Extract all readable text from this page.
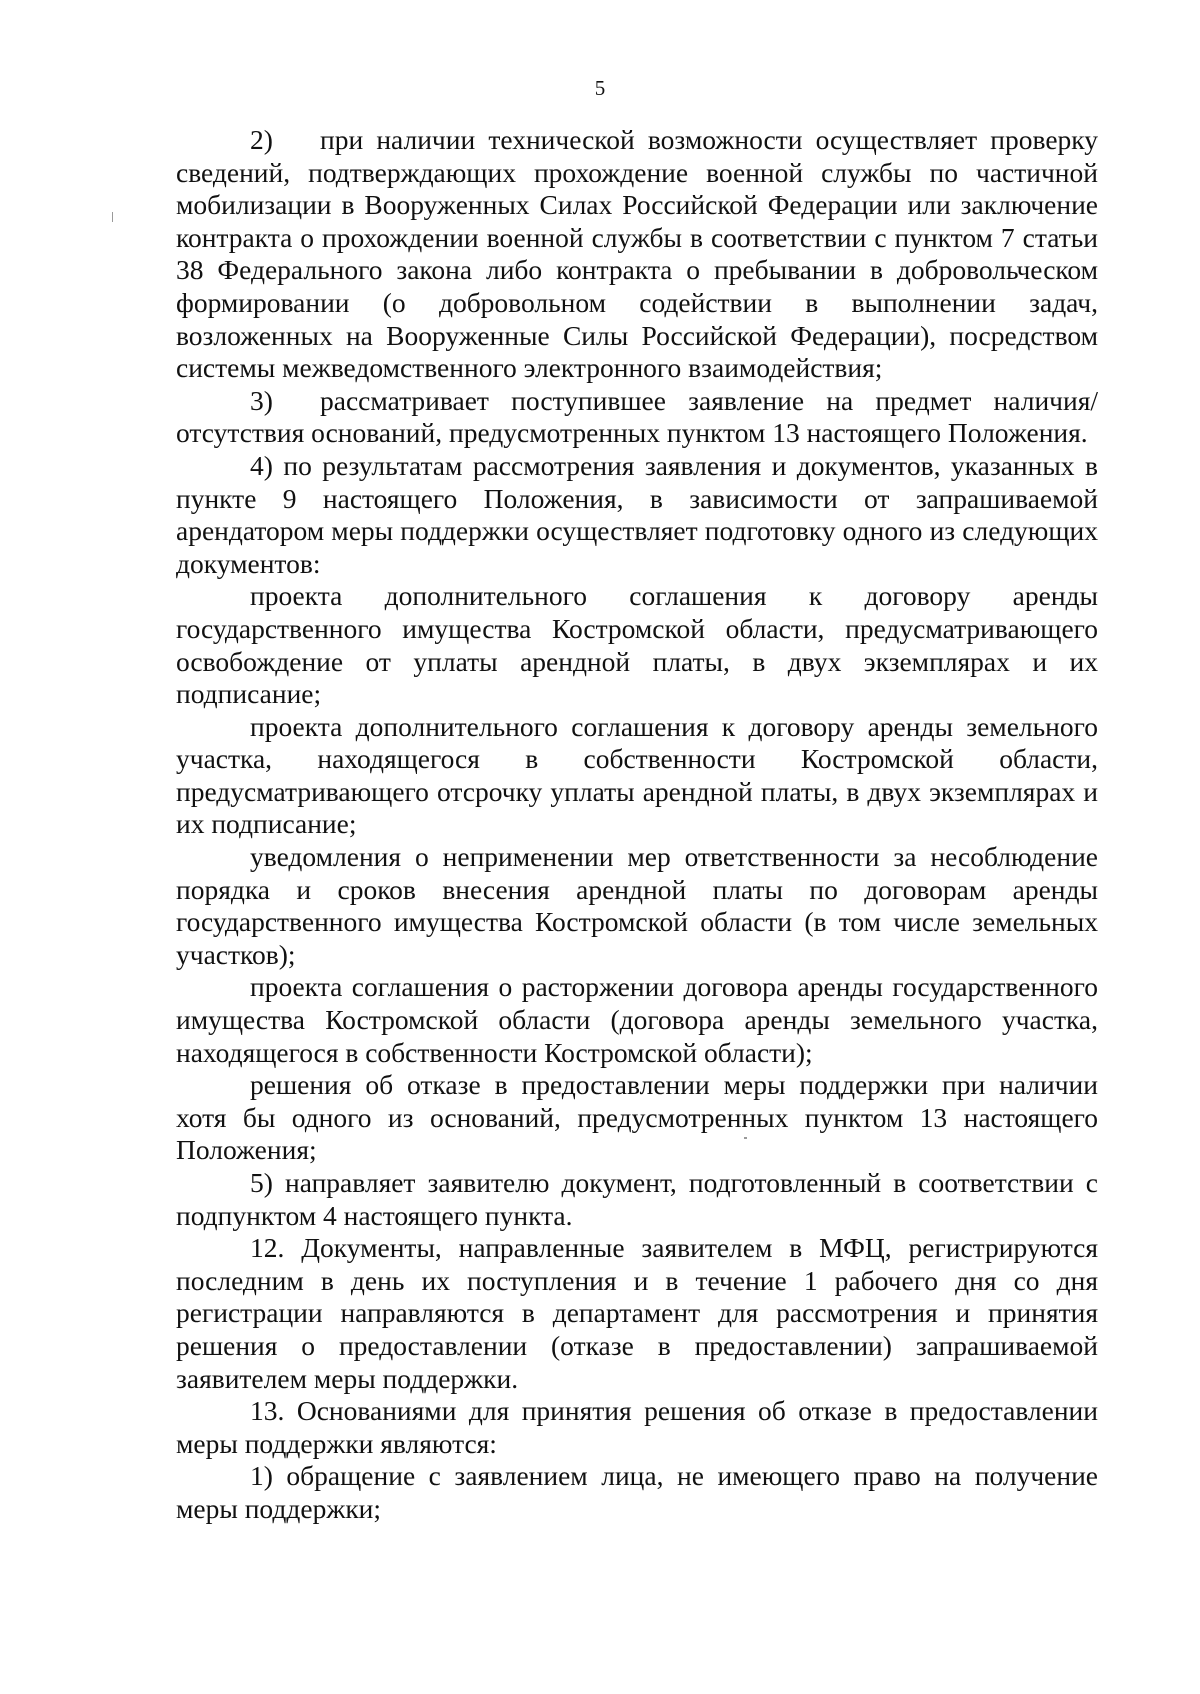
5

2) при наличии технической возможности осуществляет проверку сведений, подтверждающих прохождение военной службы по частичной мобилизации в Вооруженных Силах Российской Федерации или заключение контракта о прохождении военной службы в соответствии с пунктом 7 статьи 38 Федерального закона либо контракта о пребывании в добровольческом формировании (о добровольном содействии в выполнении задач, возложенных на Вооруженные Силы Российской Федерации), посредством системы межведомственного электронного взаимодействия;

3) рассматривает поступившее заявление на предмет наличия/ отсутствия оснований, предусмотренных пунктом 13 настоящего Положения.

4) по результатам рассмотрения заявления и документов, указанных в пункте 9 настоящего Положения, в зависимости от запрашиваемой арендатором меры поддержки осуществляет подготовку одного из следующих документов:

проекта дополнительного соглашения к договору аренды государственного имущества Костромской области, предусматривающего освобождение от уплаты арендной платы, в двух экземплярах и их подписание;

проекта дополнительного соглашения к договору аренды земельного участка, находящегося в собственности Костромской области, предусматривающего отсрочку уплаты арендной платы, в двух экземплярах и их подписание;

уведомления о неприменении мер ответственности за несоблюдение порядка и сроков внесения арендной платы по договорам аренды государственного имущества Костромской области (в том числе земельных участков);

проекта соглашения о расторжении договора аренды государственного имущества Костромской области (договора аренды земельного участка, находящегося в собственности Костромской области);

решения об отказе в предоставлении меры поддержки при наличии хотя бы одного из оснований, предусмотренных пунктом 13 настоящего Положения;

5) направляет заявителю документ, подготовленный в соответствии с подпунктом 4 настоящего пункта.

12. Документы, направленные заявителем в МФЦ, регистрируются последним в день их поступления и в течение 1 рабочего дня со дня регистрации направляются в департамент для рассмотрения и принятия решения о предоставлении (отказе в предоставлении) запрашиваемой заявителем меры поддержки.

13. Основаниями для принятия решения об отказе в предоставлении меры поддержки являются:

1) обращение с заявлением лица, не имеющего право на получение меры поддержки;
